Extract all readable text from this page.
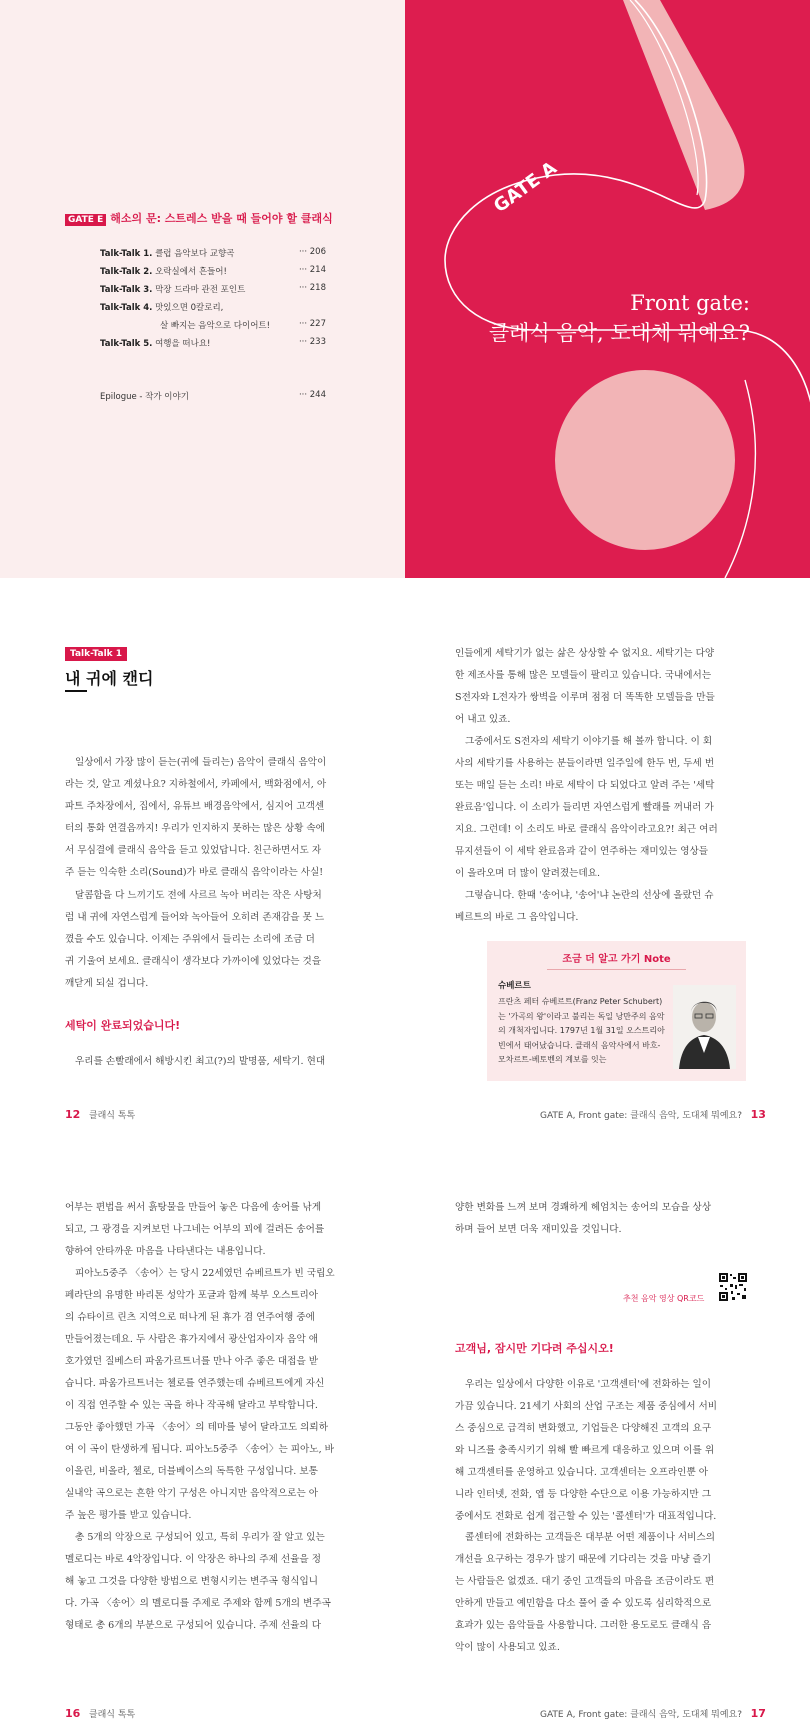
GATE E 해소의 문: 스트레스 받을 때 들어야 할 클래식
Talk-Talk 1. 클럽 음악보다 교향곡	··· 206
Talk-Talk 2. 오락실에서 흔들어!	··· 214
Talk-Talk 3. 막장 드라마 관전 포인트	··· 218
Talk-Talk 4. 맛있으면 0칼로리,
살 빠지는 음악으로 다이어트!	··· 227
Talk-Talk 5. 여행을 떠나요!	··· 233
Epilogue - 작가 이야기	··· 244
GATE A
Front gate:
클래식 음악, 도대체 뭐예요?
Talk-Talk 1
내 귀에 캔디
일상에서 가장 많이 듣는(귀에 들리는) 음악이 클래식 음악이
라는 것, 알고 계셨나요? 지하철에서, 카페에서, 백화점에서, 아
파트 주차장에서, 집에서, 유튜브 배경음악에서, 심지어 고객센
터의 통화 연결음까지! 우리가 인지하지 못하는 많은 상황 속에
서 무심결에 클래식 음악을 듣고 있었답니다. 친근하면서도 자
주 듣는 익숙한 소리(Sound)가 바로 클래식 음악이라는 사실!
달콤함을 다 느끼기도 전에 사르르 녹아 버리는 작은 사탕처
럼 내 귀에 자연스럽게 들어와 녹아들어 오히려 존재감을 못 느
꼈을 수도 있습니다. 이제는 주위에서 들리는 소리에 조금 더
귀 기울여 보세요. 클래식이 생각보다 가까이에 있었다는 것을
깨닫게 되실 겁니다.
세탁이 완료되었습니다!
우리를 손빨래에서 해방시킨 최고(?)의 발명품, 세탁기. 현대
12 클래식 톡톡
인들에게 세탁기가 없는 삶은 상상할 수 없지요. 세탁기는 다양
한 제조사를 통해 많은 모델들이 팔리고 있습니다. 국내에서는
S전자와 L전자가 쌍벽을 이루며 점점 더 똑똑한 모델들을 만들
어 내고 있죠.
그중에서도 S전자의 세탁기 이야기를 해 볼까 합니다. 이 회
사의 세탁기를 사용하는 분들이라면 일주일에 한두 번, 두세 번
또는 매일 듣는 소리! 바로 세탁이 다 되었다고 알려 주는 '세탁
완료음'입니다. 이 소리가 들리면 자연스럽게 빨래를 꺼내러 가
지요. 그런데! 이 소리도 바로 클래식 음악이라고요?! 최근 여러
뮤지션들이 이 세탁 완료음과 같이 연주하는 재미있는 영상들
이 올라오며 더 많이 알려졌는데요.
그렇습니다. 한때 '송어냐, '송어'냐 논란의 선상에 올랐던 슈
베르트의 바로 그 음악입니다.
조금 더 알고 가기 Note
슈베르트
프란츠 페터 슈베르트(Franz Peter Schubert)는 '가곡의 왕'이라고 불리는 독일 낭만주의 음악의 개척자입니다. 1797년 1월 31일 오스트리아 빈에서 태어났습니다. 클래식 음악사에서 바흐-모차르트-베토벤의 계보를 잇는
GATE A, Front gate: 클래식 음악, 도대체 뭐예요? 13
어부는 편법을 써서 흙탕물을 만들어 놓은 다음에 송어를 낚게
되고, 그 광경을 지켜보던 나그네는 어부의 꾀에 걸려든 송어를
향하여 안타까운 마음을 나타낸다는 내용입니다.
피아노5중주 〈송어〉는 당시 22세였던 슈베르트가 빈 국립오
페라단의 유명한 바리톤 성악가 포글과 함께 북부 오스트리아
의 슈타이르 린츠 지역으로 떠나게 된 휴가 겸 연주여행 중에
만들어졌는데요. 두 사람은 휴가지에서 광산업자이자 음악 애
호가였던 질베스터 파움가르트너를 만나 아주 좋은 대접을 받
습니다. 파움가르트너는 첼로를 연주했는데 슈베르트에게 자신
이 직접 연주할 수 있는 곡을 하나 작곡해 달라고 부탁합니다.
그동안 좋아했던 가곡 〈송어〉의 테마를 넣어 달라고도 의뢰하
여 이 곡이 탄생하게 됩니다. 피아노5중주 〈송어〉는 피아노, 바
이올린, 비올라, 첼로, 더블베이스의 독특한 구성입니다. 보통
실내악 곡으로는 흔한 악기 구성은 아니지만 음악적으로는 아
주 높은 평가를 받고 있습니다.
총 5개의 악장으로 구성되어 있고, 특히 우리가 잘 알고 있는
멜로디는 바로 4악장입니다. 이 악장은 하나의 주제 선율을 정
해 놓고 그것을 다양한 방법으로 변형시키는 변주곡 형식입니
다. 가곡 〈송어〉의 멜로디를 주제로 주제와 함께 5개의 변주곡
형태로 총 6개의 부분으로 구성되어 있습니다. 주제 선율의 다
16 클래식 톡톡
양한 변화를 느껴 보며 경쾌하게 헤엄치는 송어의 모습을 상상
하며 들어 보면 더욱 재미있을 것입니다.
추천 음악 영상 QR코드
고객님, 잠시만 기다려 주십시오!
우리는 일상에서 다양한 이유로 '고객센터'에 전화하는 일이
가끔 있습니다. 21세기 사회의 산업 구조는 제품 중심에서 서비
스 중심으로 급격히 변화했고, 기업들은 다양해진 고객의 요구
와 니즈를 충족시키기 위해 빨 빠르게 대응하고 있으며 이를 위
해 고객센터를 운영하고 있습니다. 고객센터는 오프라인뿐 아
니라 인터넷, 전화, 앱 등 다양한 수단으로 이용 가능하지만 그
중에서도 전화로 쉽게 접근할 수 있는 '콜센터'가 대표적입니다.
콜센터에 전화하는 고객들은 대부분 어떤 제품이나 서비스의
개선을 요구하는 경우가 많기 때문에 기다리는 것을 마냥 즐기
는 사람들은 없겠죠. 대기 중인 고객들의 마음을 조금이라도 편
안하게 만들고 예민함을 다소 풀어 줄 수 있도록 심리학적으로
효과가 있는 음악들을 사용합니다. 그러한 용도로도 클래식 음
악이 많이 사용되고 있죠.
GATE A, Front gate: 클래식 음악, 도대체 뭐예요? 17
